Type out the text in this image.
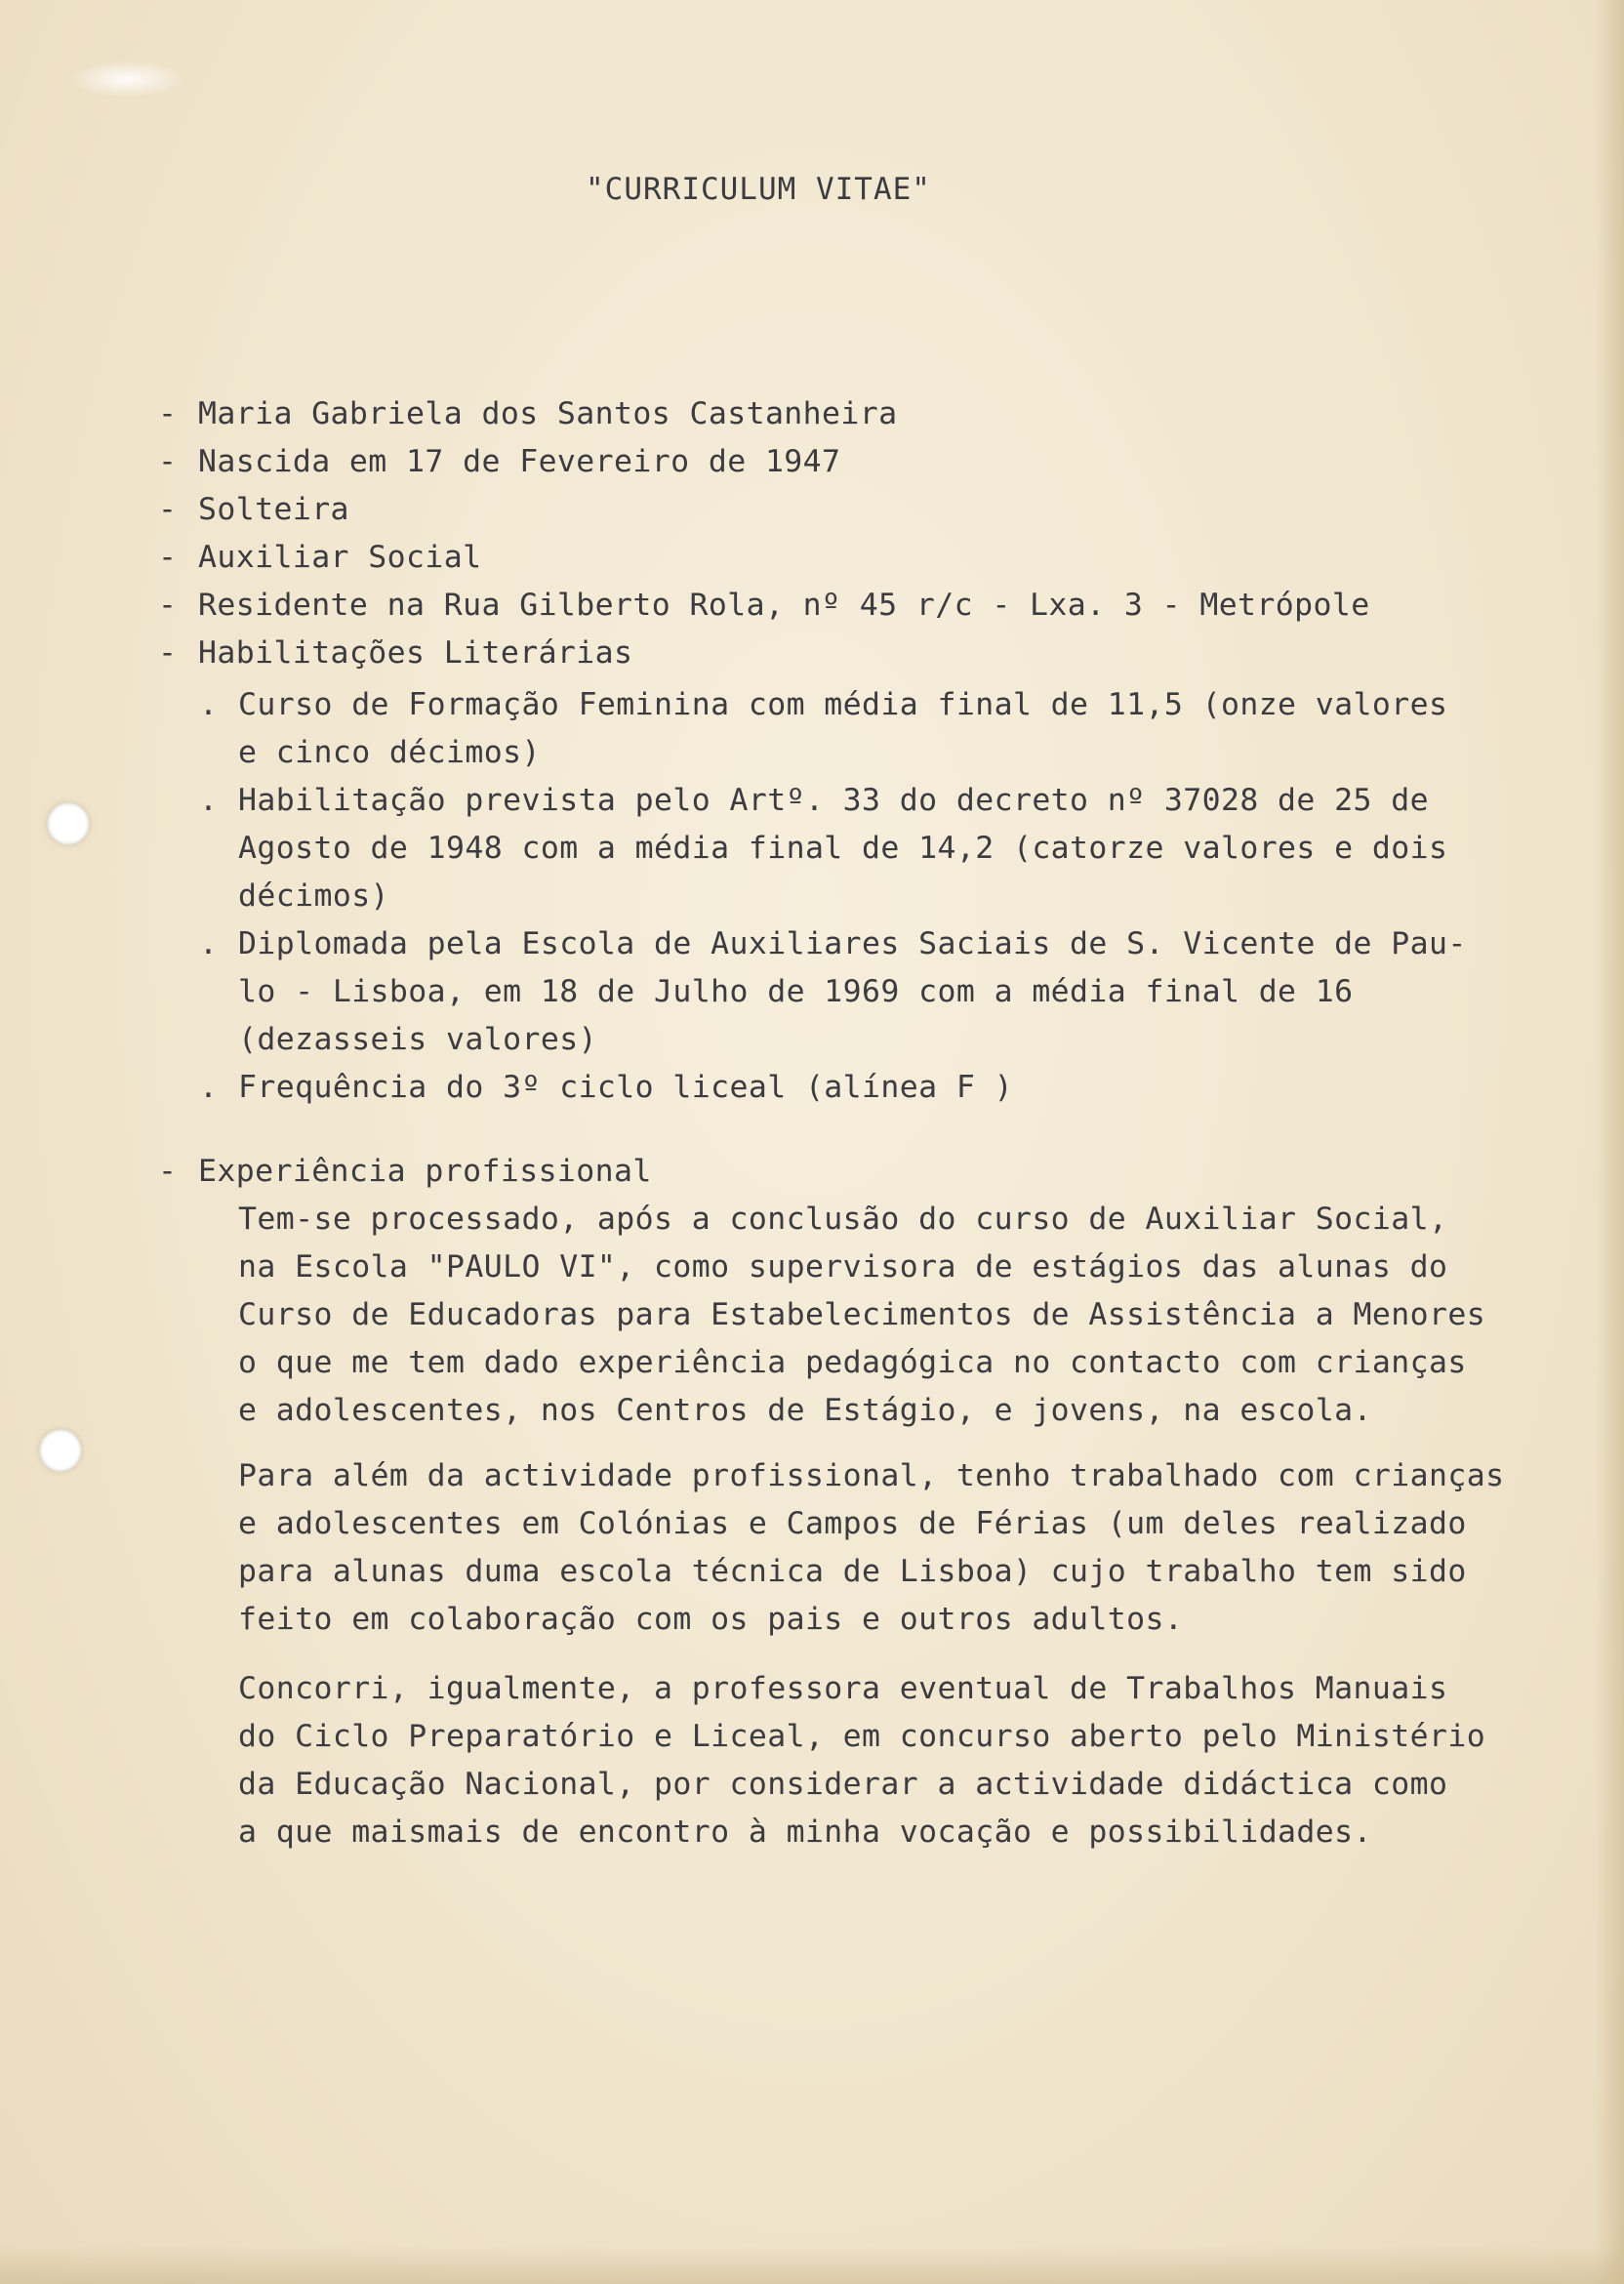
"CURRICULUM VITAE"
- Maria Gabriela dos Santos Castanheira
- Nascida em 17 de Fevereiro de 1947
- Solteira
- Auxiliar Social
- Residente na Rua Gilberto Rola, nº 45 r/c - Lxa. 3 - Metrópole
- Habilitações Literárias
. Curso de Formação Feminina com média final de 11,5 (onze valores
e cinco décimos)
. Habilitação prevista pelo Artº. 33 do decreto nº 37028 de 25 de
Agosto de 1948 com a média final de 14,2 (catorze valores e dois
décimos)
. Diplomada pela Escola de Auxiliares Saciais de S. Vicente de Pau-
lo - Lisboa, em 18 de Julho de 1969 com a média final de 16
(dezasseis valores)
. Frequência do 3º ciclo liceal (alínea F )
- Experiência profissional
Tem-se processado, após a conclusão do curso de Auxiliar Social,
na Escola "PAULO VI", como supervisora de estágios das alunas do
Curso de Educadoras para Estabelecimentos de Assistência a Menores
o que me tem dado experiência pedagógica no contacto com crianças
e adolescentes, nos Centros de Estágio, e jovens, na escola.
Para além da actividade profissional, tenho trabalhado com crianças
e adolescentes em Colónias e Campos de Férias (um deles realizado
para alunas duma escola técnica de Lisboa) cujo trabalho tem sido
feito em colaboração com os pais e outros adultos.
Concorri, igualmente, a professora eventual de Trabalhos Manuais
do Ciclo Preparatório e Liceal, em concurso aberto pelo Ministério
da Educação Nacional, por considerar a actividade didáctica como
a que maismais de encontro à minha vocação e possibilidades.
